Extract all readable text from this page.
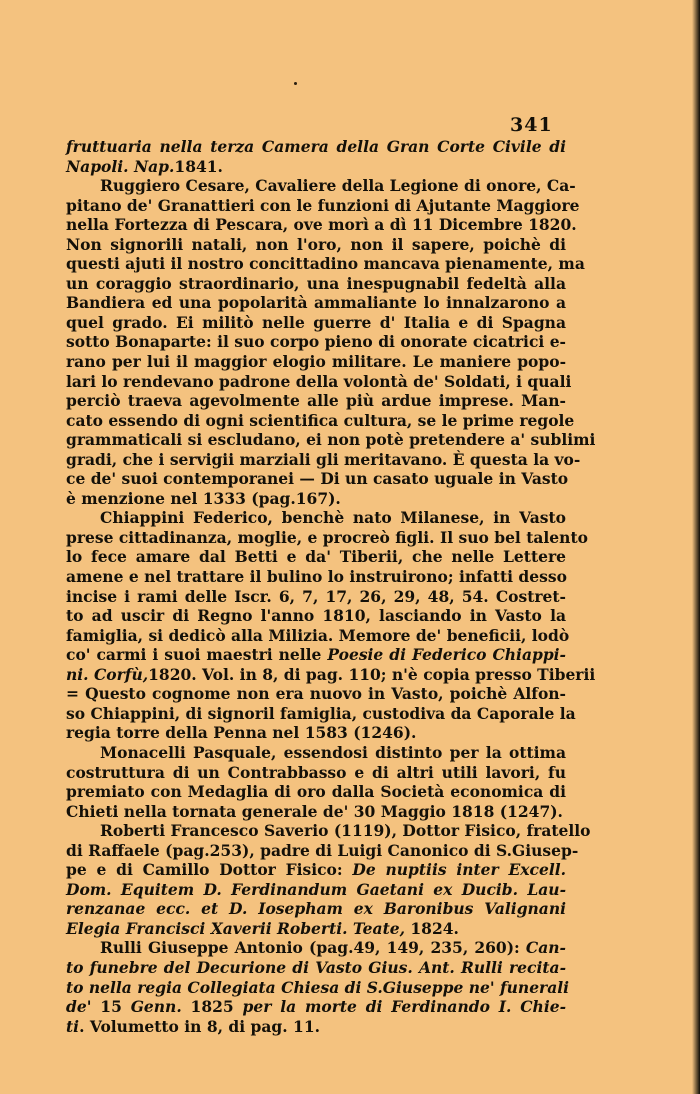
341
fruttuaria nella terza Camera della Gran Corte Civile di
Napoli. Nap.1841.
Ruggiero Cesare, Cavaliere della Legione di onore, Ca-
pitano de' Granattieri con le funzioni di Ajutante Maggiore
nella Fortezza di Pescara, ove morì a dì 11 Dicembre 1820.
Non signorili natali, non l'oro, non il sapere, poichè di
questi ajuti il nostro concittadino mancava pienamente, ma
un coraggio straordinario, una inespugnabil fedeltà alla
Bandiera ed una popolarità ammaliante lo innalzarono a
quel grado. Ei militò nelle guerre d' Italia e di Spagna
sotto Bonaparte: il suo corpo pieno di onorate cicatrici e-
rano per lui il maggior elogio militare. Le maniere popo-
lari lo rendevano padrone della volontà de' Soldati, i quali
perciò traeva agevolmente alle più ardue imprese. Man-
cato essendo di ogni scientifica cultura, se le prime regole
grammaticali si escludano, ei non potè pretendere a' sublimi
gradi, che i servigii marziali gli meritavano. È questa la vo-
ce de' suoi contemporanei — Di un casato uguale in Vasto
è menzione nel 1333 (pag.167).
Chiappini Federico, benchè nato Milanese, in Vasto
prese cittadinanza, moglie, e procreò figli. Il suo bel talento
lo fece amare dal Betti e da' Tiberii, che nelle Lettere
amene e nel trattare il bulino lo instruirono; infatti desso
incise i rami delle Iscr. 6, 7, 17, 26, 29, 48, 54. Costret-
to ad uscir di Regno l'anno 1810, lasciando in Vasto la
famiglia, si dedicò alla Milizia. Memore de' beneficii, lodò
co' carmi i suoi maestri nelle Poesie di Federico Chiappi-
ni. Corfù,1820. Vol. in 8, di pag. 110; n'è copia presso Tiberii
= Questo cognome non era nuovo in Vasto, poichè Alfon-
so Chiappini, di signoril famiglia, custodiva da Caporale la
regia torre della Penna nel 1583 (1246).
Monacelli Pasquale, essendosi distinto per la ottima
costruttura di un Contrabbasso e di altri utili lavori, fu
premiato con Medaglia di oro dalla Società economica di
Chieti nella tornata generale de' 30 Maggio 1818 (1247).
Roberti Francesco Saverio (1119), Dottor Fisico, fratello
di Raffaele (pag.253), padre di Luigi Canonico di S.Giusep-
pe e di Camillo Dottor Fisico: De nuptiis inter Excell.
Dom. Equitem D. Ferdinandum Gaetani ex Ducib. Lau-
renzanae ecc. et D. Iosepham ex Baronibus Valignani
Elegia Francisci Xaverii Roberti. Teate, 1824.
Rulli Giuseppe Antonio (pag.49, 149, 235, 260): Can-
to funebre del Decurione di Vasto Gius. Ant. Rulli recita-
to nella regia Collegiata Chiesa di S.Giuseppe ne' funerali
de' 15 Genn. 1825 per la morte di Ferdinando I. Chie-
ti. Volumetto in 8, di pag. 11.
